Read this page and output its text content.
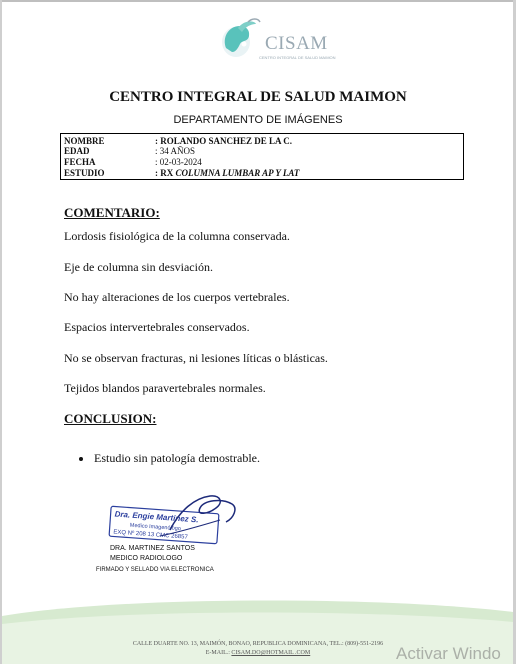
CISAM
CENTRO INTEGRAL DE SALUD MAIMON
CENTRO INTEGRAL DE SALUD MAIMON
DEPARTAMENTO DE IMÁGENES
NOMBRE	: ROLANDO SANCHEZ DE LA C.
EDAD	: 34 AÑOS
FECHA	: 02-03-2024
ESTUDIO	: RX COLUMNA LUMBAR AP Y LAT
COMENTARIO:
Lordosis fisiológica de la columna conservada.
Eje de columna sin desviación.
No hay alteraciones de los cuerpos vertebrales.
Espacios intervertebrales conservados.
No se observan fracturas, ni lesiones líticas o blásticas.
Tejidos blandos paravertebrales normales.
CONCLUSION:
Estudio sin patología demostrable.
Dra. Engie Martinez S.
Medico Imagenólogo
EXQ Nº 208 13 CMC 26857
DRA. MARTINEZ SANTOS
MEDICO RADIOLOGO
FIRMADO Y SELLADO VIA ELECTRONICA
CALLE DUARTE NO. 13, MAIMÓN, BONAO, REPUBLICA DOMINICANA, TEL.: (809)-551-2196
E-MAIL.: CISAM.DO@HOTMAIL .COM	Activar Windo
